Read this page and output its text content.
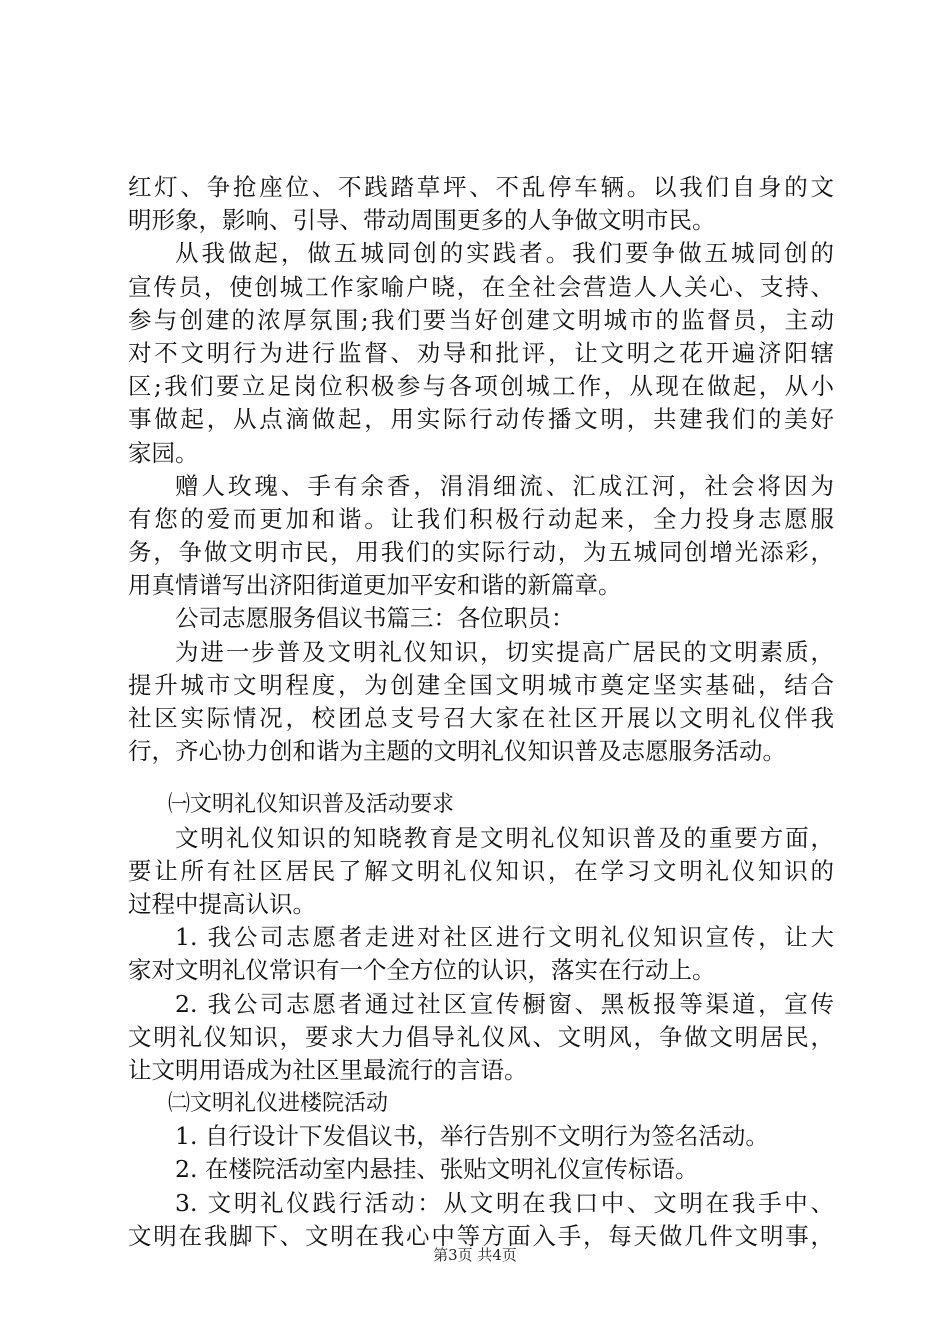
红灯、争抢座位、不践踏草坪、不乱停车辆。以我们自身的文
明形象，影响、引导、带动周围更多的人争做文明市民。
从我做起，做五城同创的实践者。我们要争做五城同创的
宣传员，使创城工作家喻户晓，在全社会营造人人关心、支持、
参与创建的浓厚氛围;我们要当好创建文明城市的监督员，主动
对不文明行为进行监督、劝导和批评，让文明之花开遍济阳辖
区;我们要立足岗位积极参与各项创城工作，从现在做起，从小
事做起，从点滴做起，用实际行动传播文明，共建我们的美好
家园。
赠人玫瑰、手有余香，涓涓细流、汇成江河，社会将因为
有您的爱而更加和谐。让我们积极行动起来，全力投身志愿服
务，争做文明市民，用我们的实际行动，为五城同创增光添彩，
用真情谱写出济阳街道更加平安和谐的新篇章。
公司志愿服务倡议书篇三：各位职员：
为进一步普及文明礼仪知识，切实提高广居民的文明素质，
提升城市文明程度，为创建全国文明城市奠定坚实基础，结合
社区实际情况，校团总支号召大家在社区开展以文明礼仪伴我
行，齐心协力创和谐为主题的文明礼仪知识普及志愿服务活动。
㈠文明礼仪知识普及活动要求
文明礼仪知识的知晓教育是文明礼仪知识普及的重要方面，
要让所有社区居民了解文明礼仪知识，在学习文明礼仪知识的
过程中提高认识。
1. 我公司志愿者走进对社区进行文明礼仪知识宣传，让大
家对文明礼仪常识有一个全方位的认识，落实在行动上。
2. 我公司志愿者通过社区宣传橱窗、黑板报等渠道，宣传
文明礼仪知识，要求大力倡导礼仪风、文明风，争做文明居民，
让文明用语成为社区里最流行的言语。
㈡文明礼仪进楼院活动
1. 自行设计下发倡议书，举行告别不文明行为签名活动。
2. 在楼院活动室内悬挂、张贴文明礼仪宣传标语。
3. 文明礼仪践行活动：从文明在我口中、文明在我手中、
文明在我脚下、文明在我心中等方面入手，每天做几件文明事，
第3页 共4页
